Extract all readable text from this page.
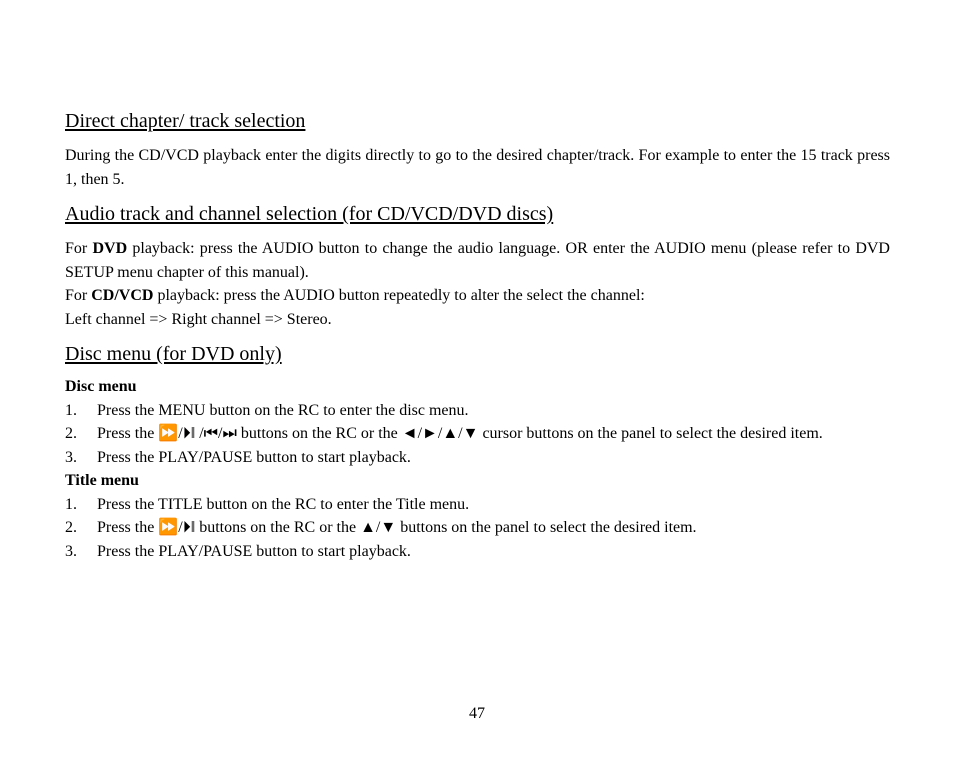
Direct chapter/ track selection

During the CD/VCD playback enter the digits directly to go to the desired chapter/track. For example to enter the 15 track press 1, then 5.

Audio track and channel selection (for CD/VCD/DVD discs)

For DVD playback: press the AUDIO button to change the audio language. OR enter the AUDIO menu (please refer to DVD SETUP menu chapter of this manual).

For CD/VCD playback: press the AUDIO button repeatedly to alter the select the channel:

Left channel => Right channel => Stereo.

Disc menu (for DVD only)

Disc menu

1. Press the MENU button on the RC to enter the disc menu.
2. Press the ⏩/⏵︎‖ /⏮/⏭ buttons on the RC or the ◄/►/▲/▼ cursor buttons on the panel to select the desired item.
3. Press the PLAY/PAUSE button to start playback.

Title menu

1. Press the TITLE button on the RC to enter the Title menu.
2. Press the ⏩/⏵︎‖ buttons on the RC or the ▲/▼ buttons on the panel to select the desired item.
3. Press the PLAY/PAUSE button to start playback.
47
